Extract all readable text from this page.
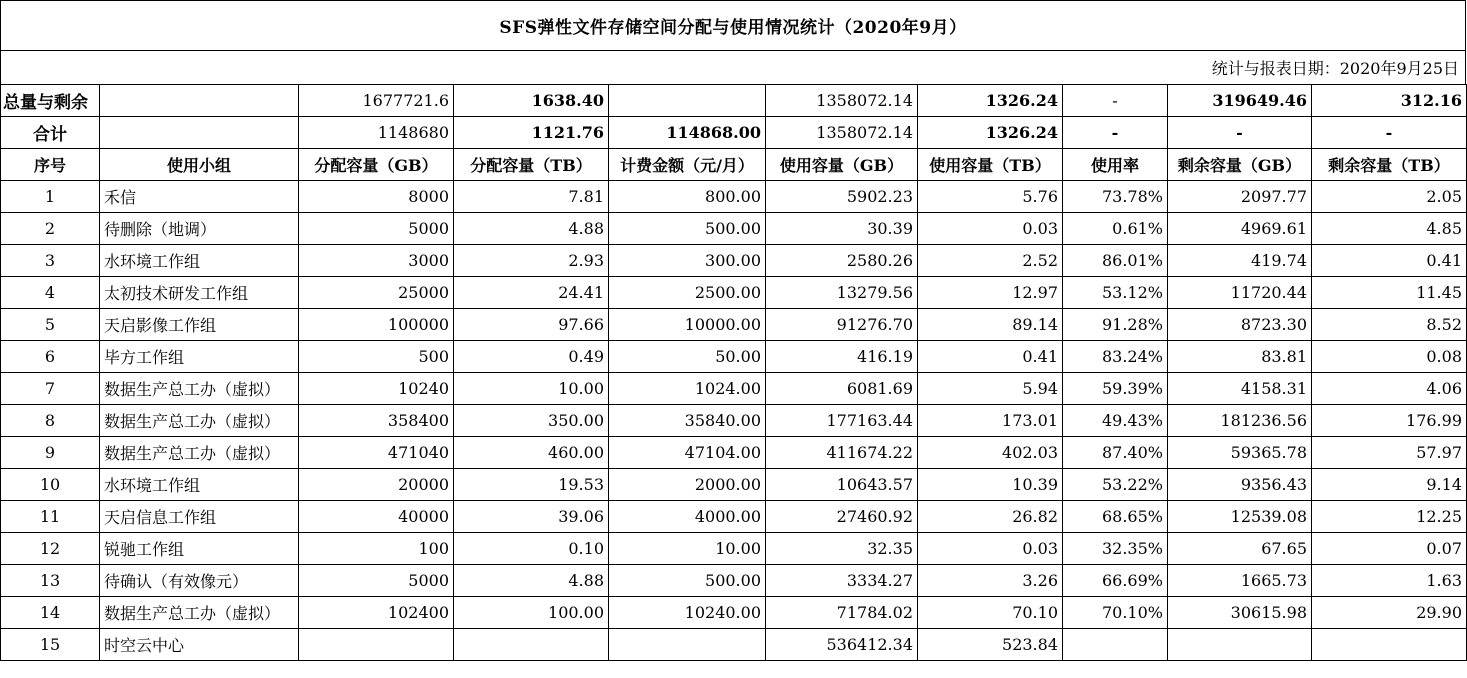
SFS弹性文件存储空间分配与使用情况统计（2020年9月）
统计与报表日期：2020年9月25日
总量与剩余		1677721.6	1638.40		1358072.14	1326.24	-	319649.46	312.16
合计		1148680	1121.76	114868.00	1358072.14	1326.24	-	-	-
序号	使用小组	分配容量（GB）	分配容量（TB）	计费金额（元/月）	使用容量（GB）	使用容量（TB）	使用率	剩余容量（GB）	剩余容量（TB）
1	禾信	8000	7.81	800.00	5902.23	5.76	73.78%	2097.77	2.05
2	待删除（地调）	5000	4.88	500.00	30.39	0.03	0.61%	4969.61	4.85
3	水环境工作组	3000	2.93	300.00	2580.26	2.52	86.01%	419.74	0.41
4	太初技术研发工作组	25000	24.41	2500.00	13279.56	12.97	53.12%	11720.44	11.45
5	天启影像工作组	100000	97.66	10000.00	91276.70	89.14	91.28%	8723.30	8.52
6	毕方工作组	500	0.49	50.00	416.19	0.41	83.24%	83.81	0.08
7	数据生产总工办（虚拟）	10240	10.00	1024.00	6081.69	5.94	59.39%	4158.31	4.06
8	数据生产总工办（虚拟）	358400	350.00	35840.00	177163.44	173.01	49.43%	181236.56	176.99
9	数据生产总工办（虚拟）	471040	460.00	47104.00	411674.22	402.03	87.40%	59365.78	57.97
10	水环境工作组	20000	19.53	2000.00	10643.57	10.39	53.22%	9356.43	9.14
11	天启信息工作组	40000	39.06	4000.00	27460.92	26.82	68.65%	12539.08	12.25
12	锐驰工作组	100	0.10	10.00	32.35	0.03	32.35%	67.65	0.07
13	待确认（有效像元）	5000	4.88	500.00	3334.27	3.26	66.69%	1665.73	1.63
14	数据生产总工办（虚拟）	102400	100.00	10240.00	71784.02	70.10	70.10%	30615.98	29.90
15	时空云中心				536412.34	523.84			
